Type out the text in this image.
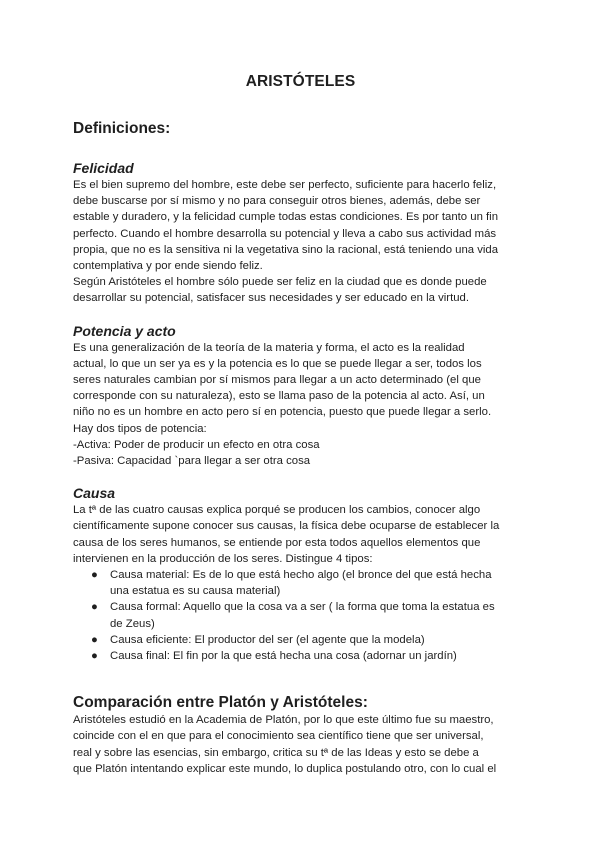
ARISTÓTELES
Definiciones:
Felicidad

Es el bien supremo del hombre, este debe ser perfecto, suficiente para hacerlo feliz,
debe buscarse por sí mismo y no para conseguir otros bienes, además, debe ser
estable y duradero, y la felicidad cumple todas estas condiciones. Es por tanto un fin
perfecto. Cuando el hombre desarrolla su potencial y lleva a cabo sus actividad más
propia, que no es la sensitiva ni la vegetativa sino la racional, está teniendo una vida
contemplativa y por ende siendo feliz.
Según Aristóteles el hombre sólo puede ser feliz en la ciudad que es donde puede
desarrollar su potencial, satisfacer sus necesidades y ser educado en la virtud.

Potencia y acto

Es una generalización de la teoría de la materia y forma, el acto es la realidad
actual, lo que un ser ya es y la potencia es lo que se puede llegar a ser, todos los
seres naturales cambian por sí mismos para llegar a un acto determinado (el que
corresponde con su naturaleza), esto se llama paso de la potencia al acto. Así, un
niño no es un hombre en acto pero sí en potencia, puesto que puede llegar a serlo.
Hay dos tipos de potencia:
-Activa: Poder de producir un efecto en otra cosa
-Pasiva: Capacidad `para llegar a ser otra cosa

Causa

La tª de las cuatro causas explica porqué se producen los cambios, conocer algo
científicamente supone conocer sus causas, la física debe ocuparse de establecer la
causa de los seres humanos, se entiende por esta todos aquellos elementos que
intervienen en la producción de los seres. Distingue 4 tipos:

● Causa material: Es de lo que está hecho algo (el bronce del que está hecha
una estatua es su causa material)
● Causa formal: Aquello que la cosa va a ser ( la forma que toma la estatua es
de Zeus)
● Causa eficiente: El productor del ser (el agente que la modela)
● Causa final: El fin por la que está hecha una cosa (adornar un jardín)
Comparación entre Platón y Aristóteles:

Aristóteles estudió en la Academia de Platón, por lo que este último fue su maestro,
coincide con el en que para el conocimiento sea científico tiene que ser universal,
real y sobre las esencias, sin embargo, critica su tª de las Ideas y esto se debe a
que Platón intentando explicar este mundo, lo duplica postulando otro, con lo cual el
